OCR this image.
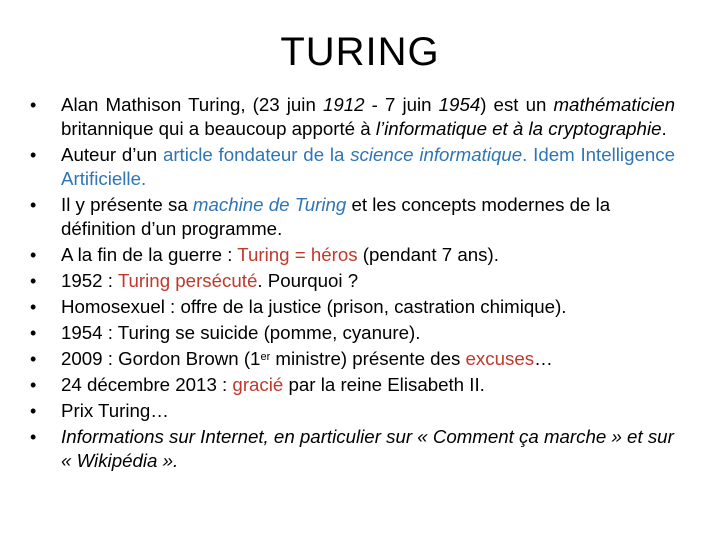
TURING
• Alan Mathison Turing, (23 juin 1912 - 7 juin 1954) est un mathématicien britannique qui a beaucoup apporté à l’informatique et à la cryptographie.
• Auteur d’un article fondateur de la science informatique. Idem Intelligence Artificielle.
• Il y présente sa machine de Turing et les concepts modernes de la définition d’un programme.
• A la fin de la guerre : Turing = héros (pendant 7 ans).
• 1952 : Turing persécuté. Pourquoi ?
• Homosexuel : offre de la justice (prison, castration chimique).
• 1954 : Turing se suicide (pomme, cyanure).
• 2009 : Gordon Brown (1er ministre) présente des excuses…
• 24 décembre 2013 : gracié par la reine Elisabeth II.
• Prix Turing…
• Informations sur Internet, en particulier sur « Comment ça marche » et sur « Wikipédia ».
